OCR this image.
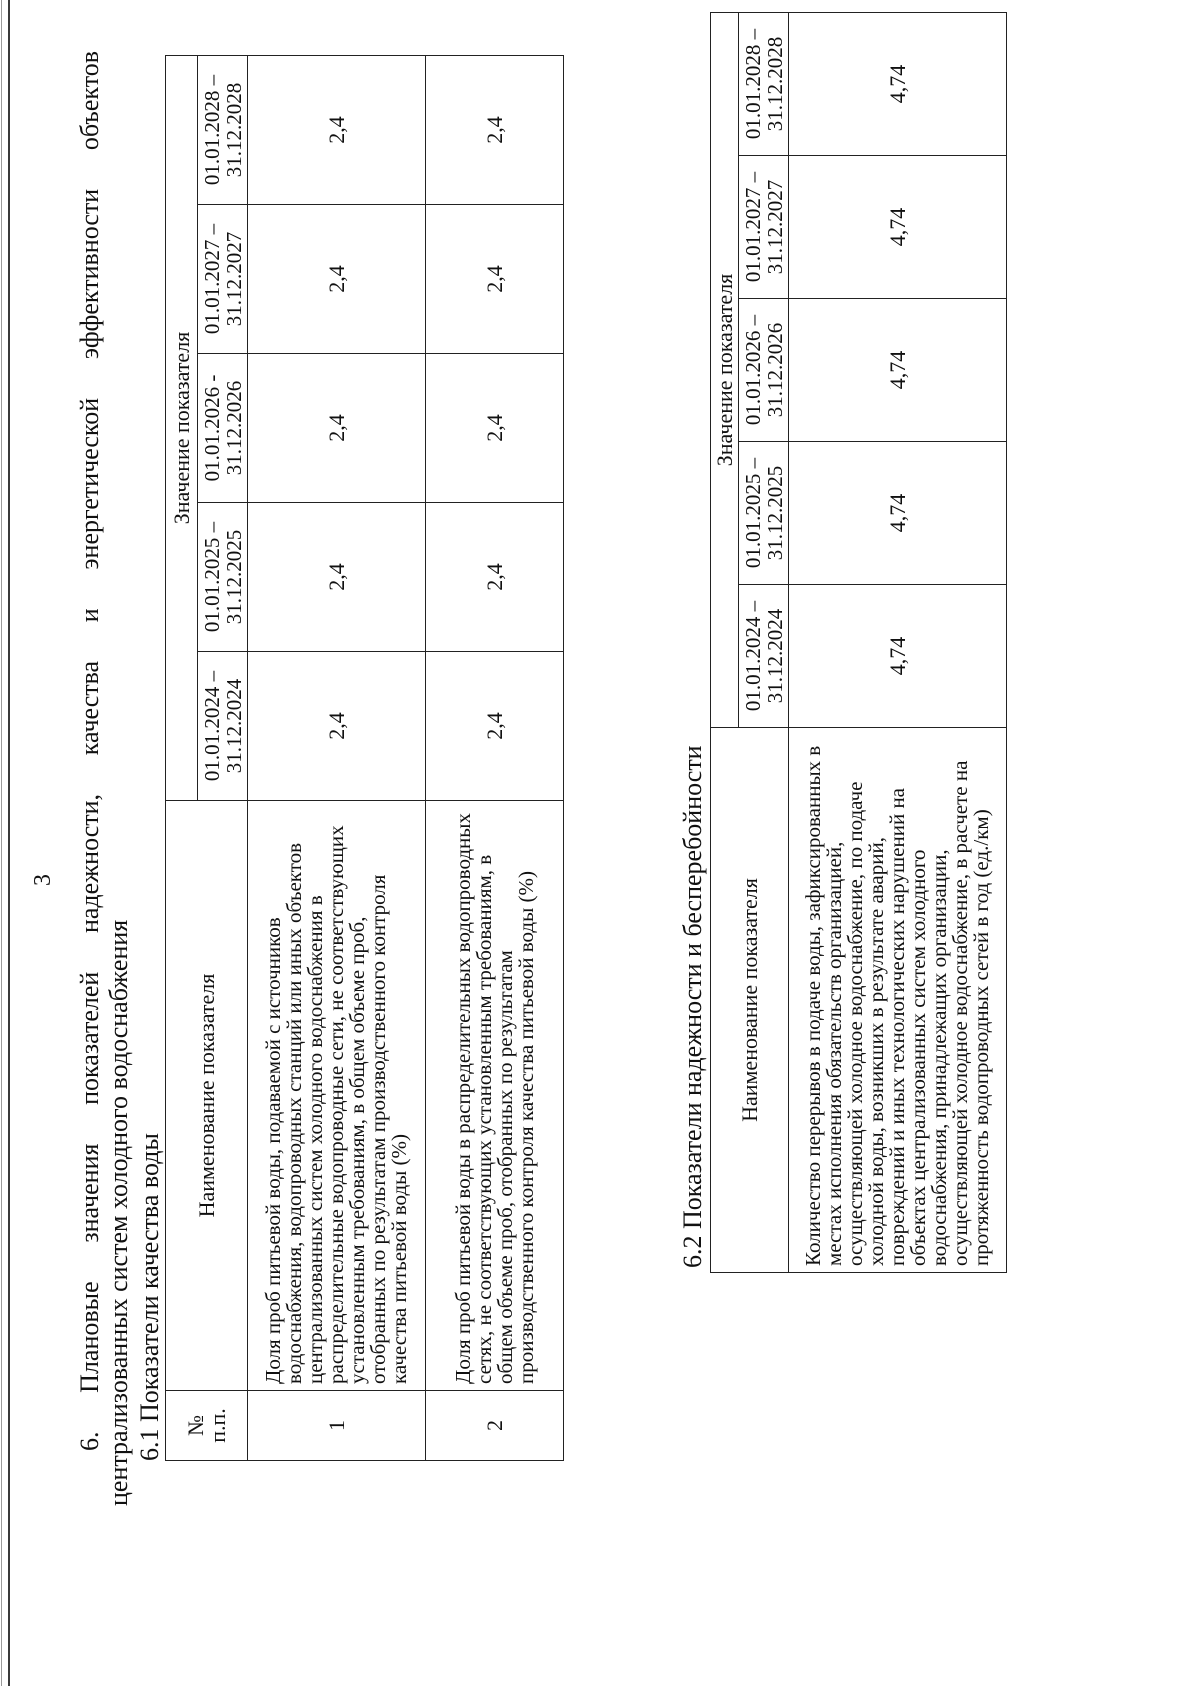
3 6. Плановые значения показателей надежности, качества и энергетической эффективности объектов централизованных систем холодного водоснабжения 6.1 Показатели качества воды № п.п.	Наименование показателя	Значение показателя				
		01.01.2024 – 31.12.2024	01.01.2025 – 31.12.2025	01.01.2026 - 31.12.2026	01.01.2027 – 31.12.2027	01.01.2028 – 31.12.2028
1	Доля проб питьевой воды, подаваемой с источников водоснабжения, водопроводных станций или иных объектов централизованных систем холодного водоснабжения в распределительные водопроводные сети, не соответствующих установленным требованиям, в общем объеме проб, отобранных по результатам производственного контроля качества питьевой воды (%)	2,4	2,4	2,4	2,4	2,4
2	Доля проб питьевой воды в распределительных водопроводных сетях, не соответствующих установленным требованиям, в общем объеме проб, отобранных по результатам производственного контроля качества питьевой воды (%)	2,4	2,4	2,4	2,4	2,4
6.2 Показатели надежности и бесперебойности Наименование показателя	Значение показателя				
	01.01.2024 – 31.12.2024	01.01.2025 – 31.12.2025	01.01.2026 – 31.12.2026	01.01.2027 – 31.12.2027	01.01.2028 – 31.12.2028
Количество перерывов в подаче воды, зафиксированных в местах исполнения обязательств организацией, осуществляющей холодное водоснабжение, по подаче холодной воды, возникших в результате аварий, повреждений и иных технологических нарушений на объектах централизованных систем холодного водоснабжения, принадлежащих организации, осуществляющей холодное водоснабжение, в расчете на протяженность водопроводных сетей в год (ед./км)	4,74	4,74	4,74	4,74	4,74
